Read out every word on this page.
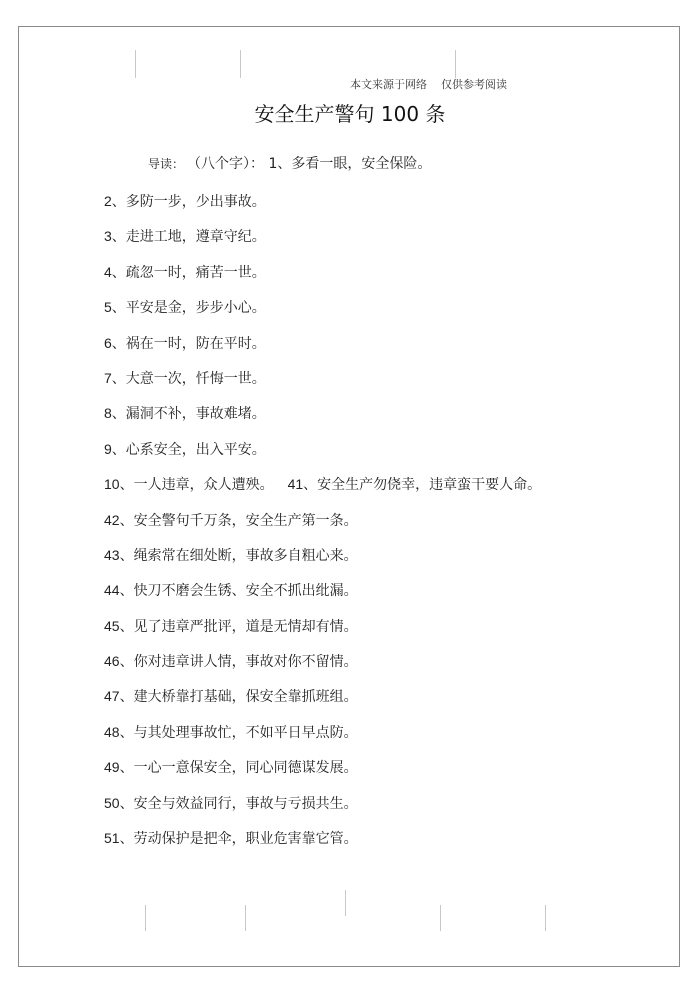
本文来源于网络    仅供参考阅读
安全生产警句 100 条
导读： （八个字）： 1、多看一眼，安全保险。
2、多防一步，少出事故。
3、走进工地，遵章守纪。
4、疏忽一时，痛苦一世。
5、平安是金，步步小心。
6、祸在一时，防在平时。
7、大意一次，忏悔一世。
8、漏洞不补，事故难堵。
9、心系安全，出入平安。
10、一人违章，众人遭殃。 41、安全生产勿侥幸，违章蛮干要人命。
42、安全警句千万条，安全生产第一条。
43、绳索常在细处断，事故多自粗心来。
44、快刀不磨会生锈、安全不抓出纰漏。
45、见了违章严批评，道是无情却有情。
46、你对违章讲人情，事故对你不留情。
47、建大桥靠打基础，保安全靠抓班组。
48、与其处理事故忙，不如平日早点防。
49、一心一意保安全，同心同德谋发展。
50、安全与效益同行，事故与亏损共生。
51、劳动保护是把伞，职业危害靠它管。
